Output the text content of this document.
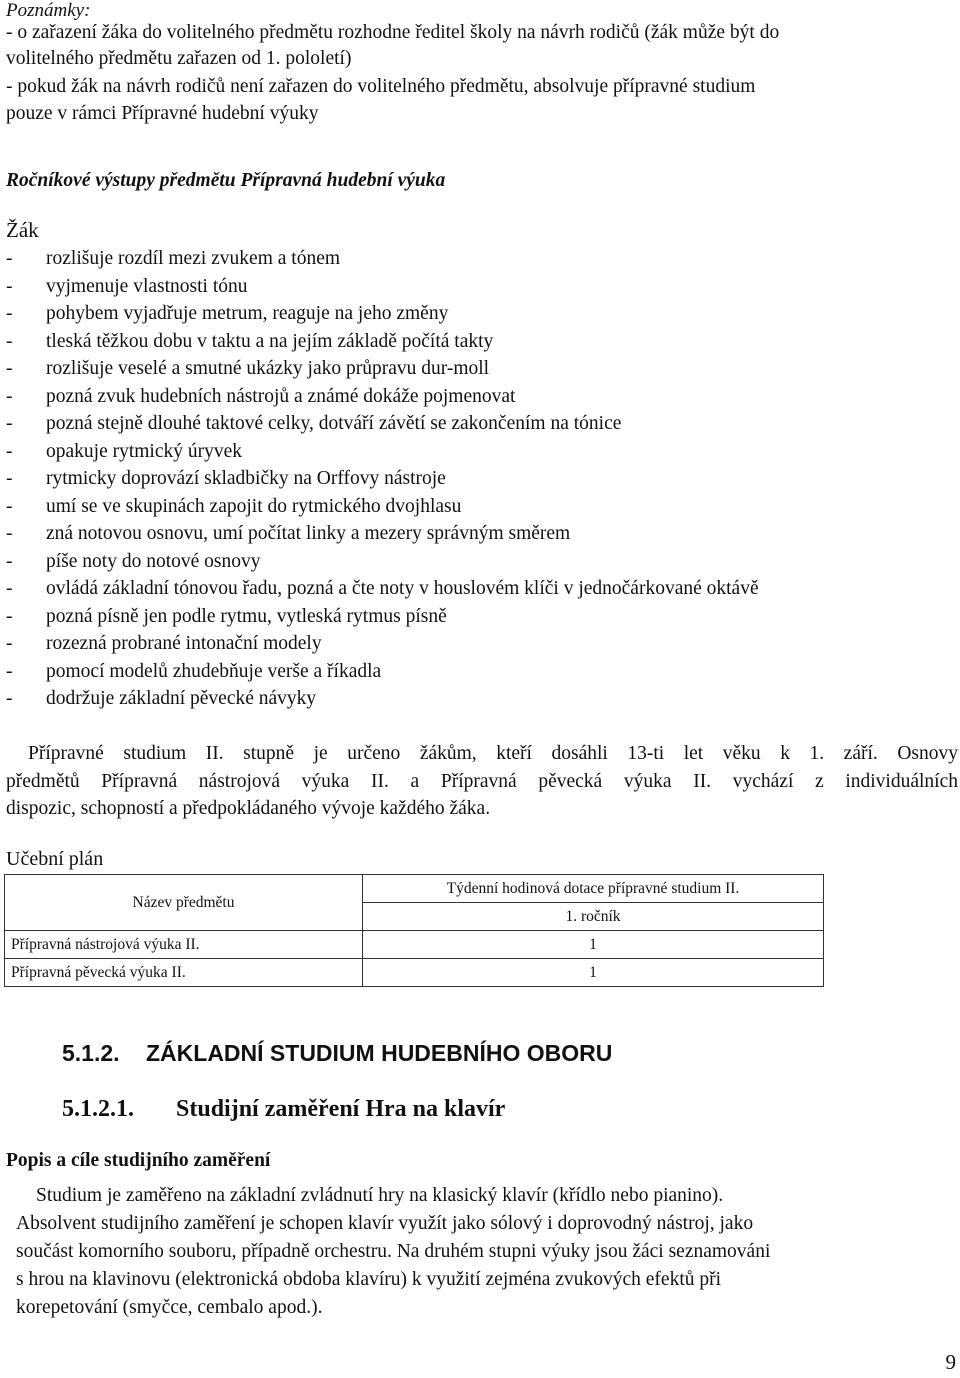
Poznámky:
- o zařazení žáka do volitelného předmětu rozhodne ředitel školy na návrh rodičů (žák může být do
volitelného předmětu zařazen od 1. pololetí)
- pokud žák na návrh rodičů není zařazen do volitelného předmětu, absolvuje přípravné studium
pouze v rámci Přípravné hudební výuky
Ročníkové výstupy předmětu Přípravná hudební výuka
Žák
- rozlišuje rozdíl mezi zvukem a tónem
- vyjmenuje vlastnosti tónu
- pohybem vyjadřuje metrum, reaguje na jeho změny
- tleská těžkou dobu v taktu a na jejím základě počítá takty
- rozlišuje veselé a smutné ukázky jako průpravu dur-moll
- pozná zvuk hudebních nástrojů a známé dokáže pojmenovat
- pozná stejně dlouhé taktové celky, dotváří závětí se zakončením na tónice
- opakuje rytmický úryvek
- rytmicky doprovází skladbičky na Orffovy nástroje
- umí se ve skupinách zapojit do rytmického dvojhlasu
- zná notovou osnovu, umí počítat linky a mezery správným směrem
- píše noty do notové osnovy
- ovládá základní tónovou řadu, pozná a čte noty v houslovém klíči v jednočárkované oktávě
- pozná písně jen podle rytmu, vytleská rytmus písně
- rozezná probrané intonační modely
- pomocí modelů zhudebňuje verše a říkadla
- dodržuje základní pěvecké návyky

Přípravné studium II. stupně je určeno žákům, kteří dosáhli 13-ti let věku k 1. září. Osnovy

předmětů Přípravná nástrojová výuka II. a Přípravná pěvecká výuka II. vychází z individuálních

dispozic, schopností a předpokládaného vývoje každého žáka.

Učební plán
Název předmětu	Týdenní hodinová dotace přípravné studium II.
	1. ročník
Přípravná nástrojová výuka II.	1
Přípravná pěvecká výuka II.	1
5.1.2. ZÁKLADNÍ STUDIUM HUDEBNÍHO OBORU
5.1.2.1. Studijní zaměření Hra na klavír
Popis a cíle studijního zaměření

Studium je zaměřeno na základní zvládnutí hry na klasický klavír (křídlo nebo pianino).

Absolvent studijního zaměření je schopen klavír využít jako sólový i doprovodný nástroj, jako

součást komorního souboru, případně orchestru. Na druhém stupni výuky jsou žáci seznamováni

s hrou na klavinovu (elektronická obdoba klavíru) k využití zejména zvukových efektů při

korepetování (smyčce, cembalo apod.).

9
